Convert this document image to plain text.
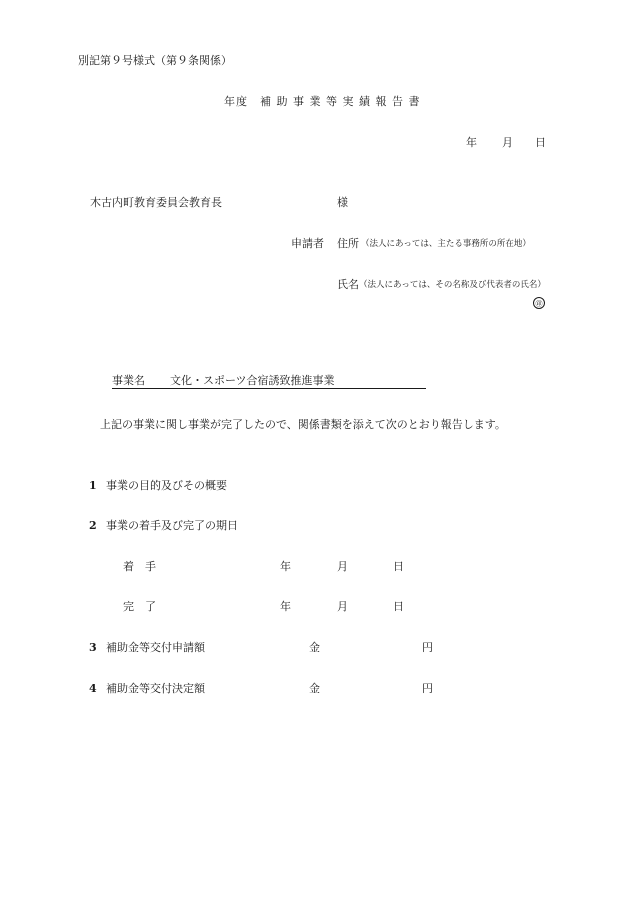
別記第９号様式（第９条関係）
年度　補 助 事 業 等 実 績 報 告 書
年 月 日
木古内町教育委員会教育長	様
申請者 住所 （法人にあっては、主たる事務所の所在地）
氏名 （法人にあっては、その名称及び代表者の氏名）
㊞
事業名 文化・スポーツ合宿誘致推進事業
上記の事業に関し事業が完了したので、関係書類を添えて次のとおり報告します。
1 事業の目的及びその概要
2 事業の着手及び完了の期日
着　手	年	月	日
完　了	年	月	日
3 補助金等交付申請額	金	円
4 補助金等交付決定額	金	円
